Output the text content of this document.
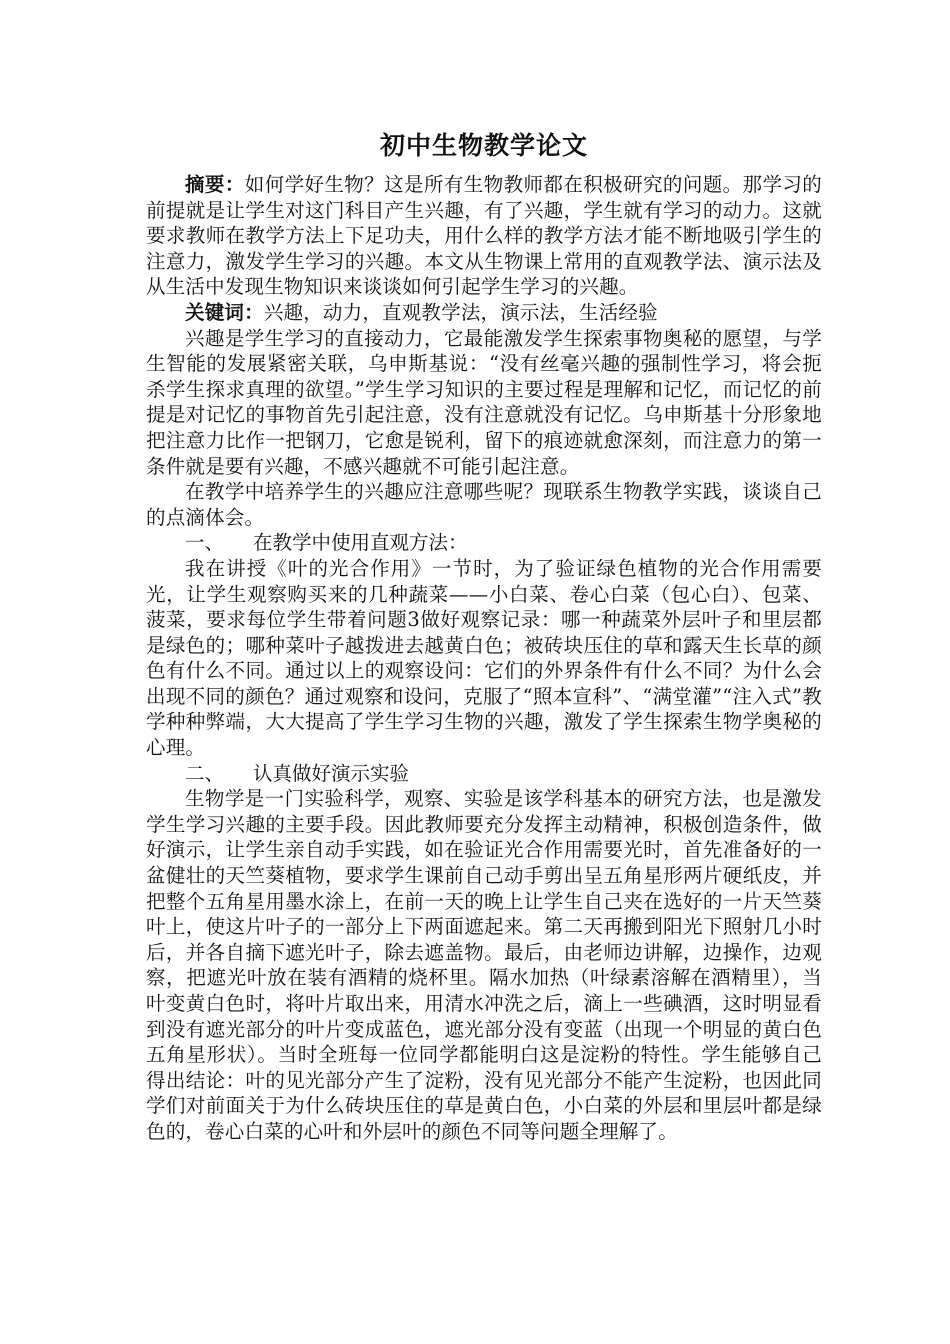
初中生物教学论文

摘要：如何学好生物？这是所有生物教师都在积极研究的问题。那学习的前提就是让学生对这门科目产生兴趣，有了兴趣，学生就有学习的动力。这就要求教师在教学方法上下足功夫，用什么样的教学方法才能不断地吸引学生的注意力，激发学生学习的兴趣。本文从生物课上常用的直观教学法、演示法及从生活中发现生物知识来谈谈如何引起学生学习的兴趣。

关键词：兴趣，动力，直观教学法，演示法，生活经验

兴趣是学生学习的直接动力，它最能激发学生探索事物奥秘的愿望，与学生智能的发展紧密关联，乌申斯基说：“没有丝毫兴趣的强制性学习，将会扼杀学生探求真理的欲望。”学生学习知识的主要过程是理解和记忆，而记忆的前提是对记忆的事物首先引起注意，没有注意就没有记忆。乌申斯基十分形象地把注意力比作一把钢刀，它愈是锐利，留下的痕迹就愈深刻，而注意力的第一条件就是要有兴趣，不感兴趣就不可能引起注意。

在教学中培养学生的兴趣应注意哪些呢？现联系生物教学实践，谈谈自己的点滴体会。

一、 在教学中使用直观方法：

我在讲授《叶的光合作用》一节时，为了验证绿色植物的光合作用需要光，让学生观察购买来的几种蔬菜——小白菜、卷心白菜（包心白）、包菜、菠菜，要求每位学生带着问题3做好观察记录：哪一种蔬菜外层叶子和里层都是绿色的；哪种菜叶子越拨进去越黄白色；被砖块压住的草和露天生长草的颜色有什么不同。通过以上的观察设问：它们的外界条件有什么不同？为什么会出现不同的颜色？通过观察和设问，克服了“照本宣科”、“满堂灌”“注入式”教学种种弊端，大大提高了学生学习生物的兴趣，激发了学生探索生物学奥秘的心理。

二、 认真做好演示实验

生物学是一门实验科学，观察、实验是该学科基本的研究方法，也是激发学生学习兴趣的主要手段。因此教师要充分发挥主动精神，积极创造条件，做好演示，让学生亲自动手实践，如在验证光合作用需要光时，首先准备好的一盆健壮的天竺葵植物，要求学生课前自己动手剪出呈五角星形两片硬纸皮，并把整个五角星用墨水涂上，在前一天的晚上让学生自己夹在选好的一片天竺葵叶上，使这片叶子的一部分上下两面遮起来。第二天再搬到阳光下照射几小时后，并各自摘下遮光叶子，除去遮盖物。最后，由老师边讲解，边操作，边观察，把遮光叶放在装有酒精的烧杯里。隔水加热（叶绿素溶解在酒精里），当叶变黄白色时，将叶片取出来，用清水冲洗之后，滴上一些碘酒，这时明显看到没有遮光部分的叶片变成蓝色，遮光部分没有变蓝（出现一个明显的黄白色五角星形状）。当时全班每一位同学都能明白这是淀粉的特性。学生能够自己得出结论：叶的见光部分产生了淀粉，没有见光部分不能产生淀粉，也因此同学们对前面关于为什么砖块压住的草是黄白色，小白菜的外层和里层叶都是绿色的，卷心白菜的心叶和外层叶的颜色不同等问题全理解了。
